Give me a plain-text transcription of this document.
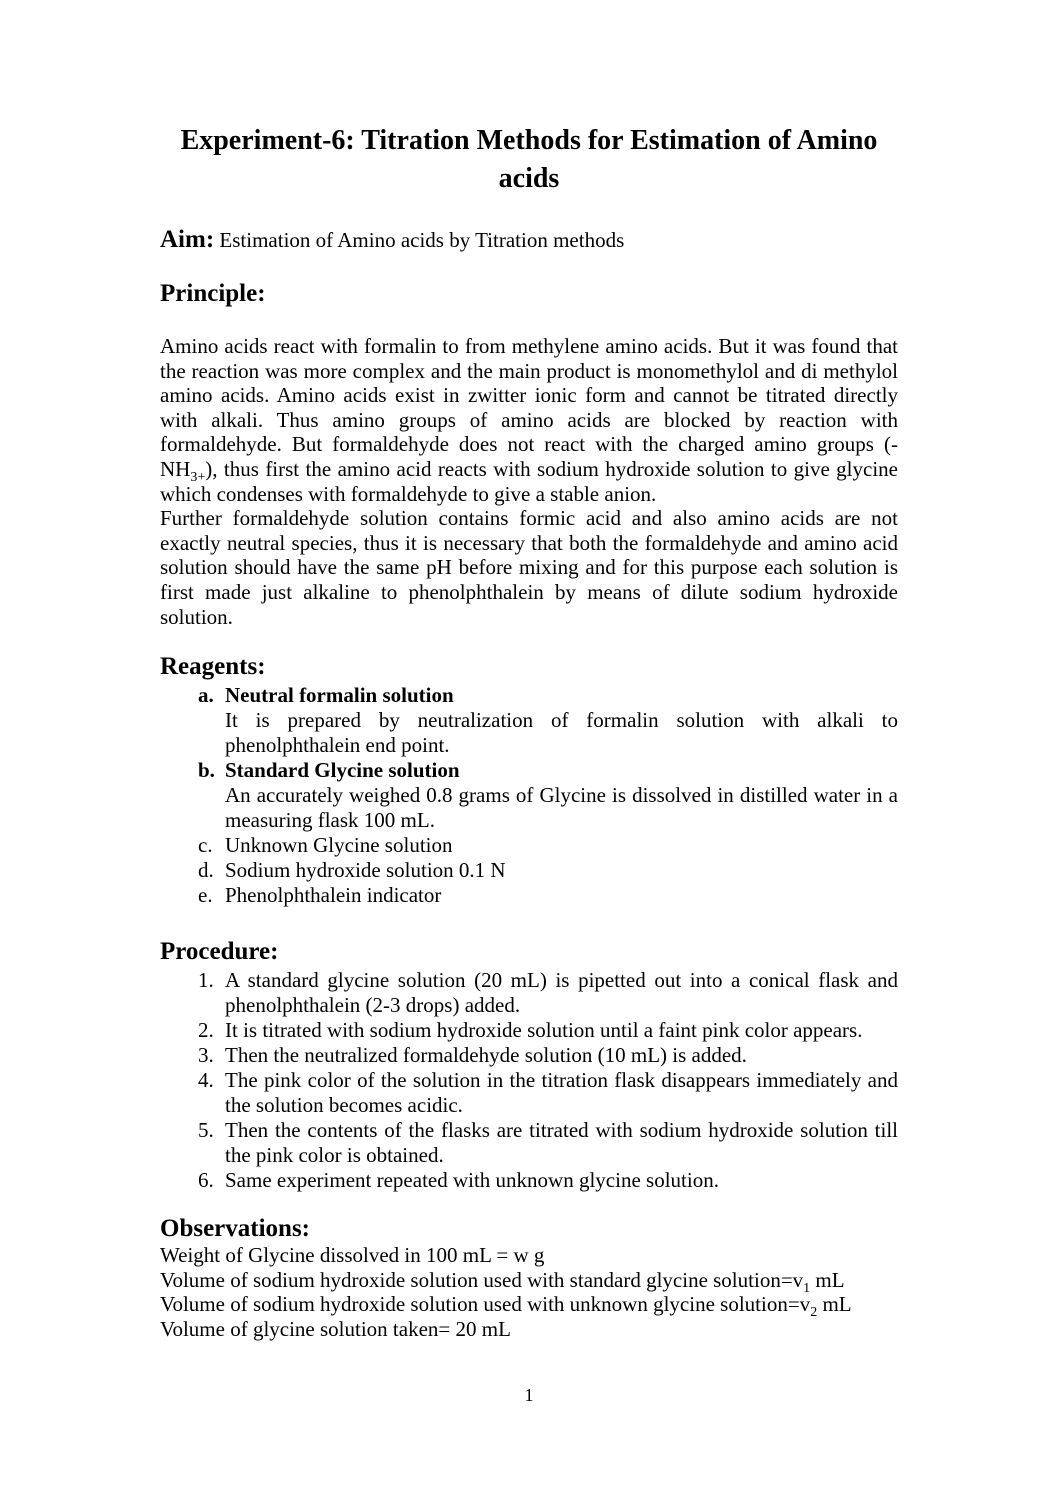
Experiment-6: Titration Methods for Estimation of Amino
acids
Aim: Estimation of Amino acids by Titration methods
Principle:

Amino acids react with formalin to from methylene amino acids. But it was found that the reaction was more complex and the main product is monomethylol and di methylol amino acids. Amino acids exist in zwitter ionic form and cannot be titrated directly with alkali. Thus amino groups of amino acids are blocked by reaction with formaldehyde. But formaldehyde does not react with the charged amino groups $(-NH_{3+})$, thus first the amino acid reacts with sodium hydroxide solution to give glycine which condenses with formaldehyde to give a stable anion.

Further formaldehyde solution contains formic acid and also amino acids are not exactly neutral species, thus it is necessary that both the formaldehyde and amino acid solution should have the same pH before mixing and for this purpose each solution is first made just alkaline to phenolphthalein by means of dilute sodium hydroxide solution.

Reagents:
a. Neutral formalin solution
It is prepared by neutralization of formalin solution with alkali to phenolphthalein end point.
b. Standard Glycine solution
An accurately weighed 0.8 grams of Glycine is dissolved in distilled water in a measuring flask 100 mL.
c. Unknown Glycine solution
d. Sodium hydroxide solution 0.1 N
e. Phenolphthalein indicator
Procedure:
1. A standard glycine solution (20 mL) is pipetted out into a conical flask and phenolphthalein (2-3 drops) added.
2. It is titrated with sodium hydroxide solution until a faint pink color appears.
3. Then the neutralized formaldehyde solution (10 mL) is added.
4. The pink color of the solution in the titration flask disappears immediately and the solution becomes acidic.
5. Then the contents of the flasks are titrated with sodium hydroxide solution till the pink color is obtained.
6. Same experiment repeated with unknown glycine solution.
Observations:
Weight of Glycine dissolved in 100 mL = w g
Volume of sodium hydroxide solution used with standard glycine $solution=v_1$ mL
Volume of sodium hydroxide solution used with unknown glycine $solution=v_2$ mL
Volume of glycine solution taken= 20 mL
1
